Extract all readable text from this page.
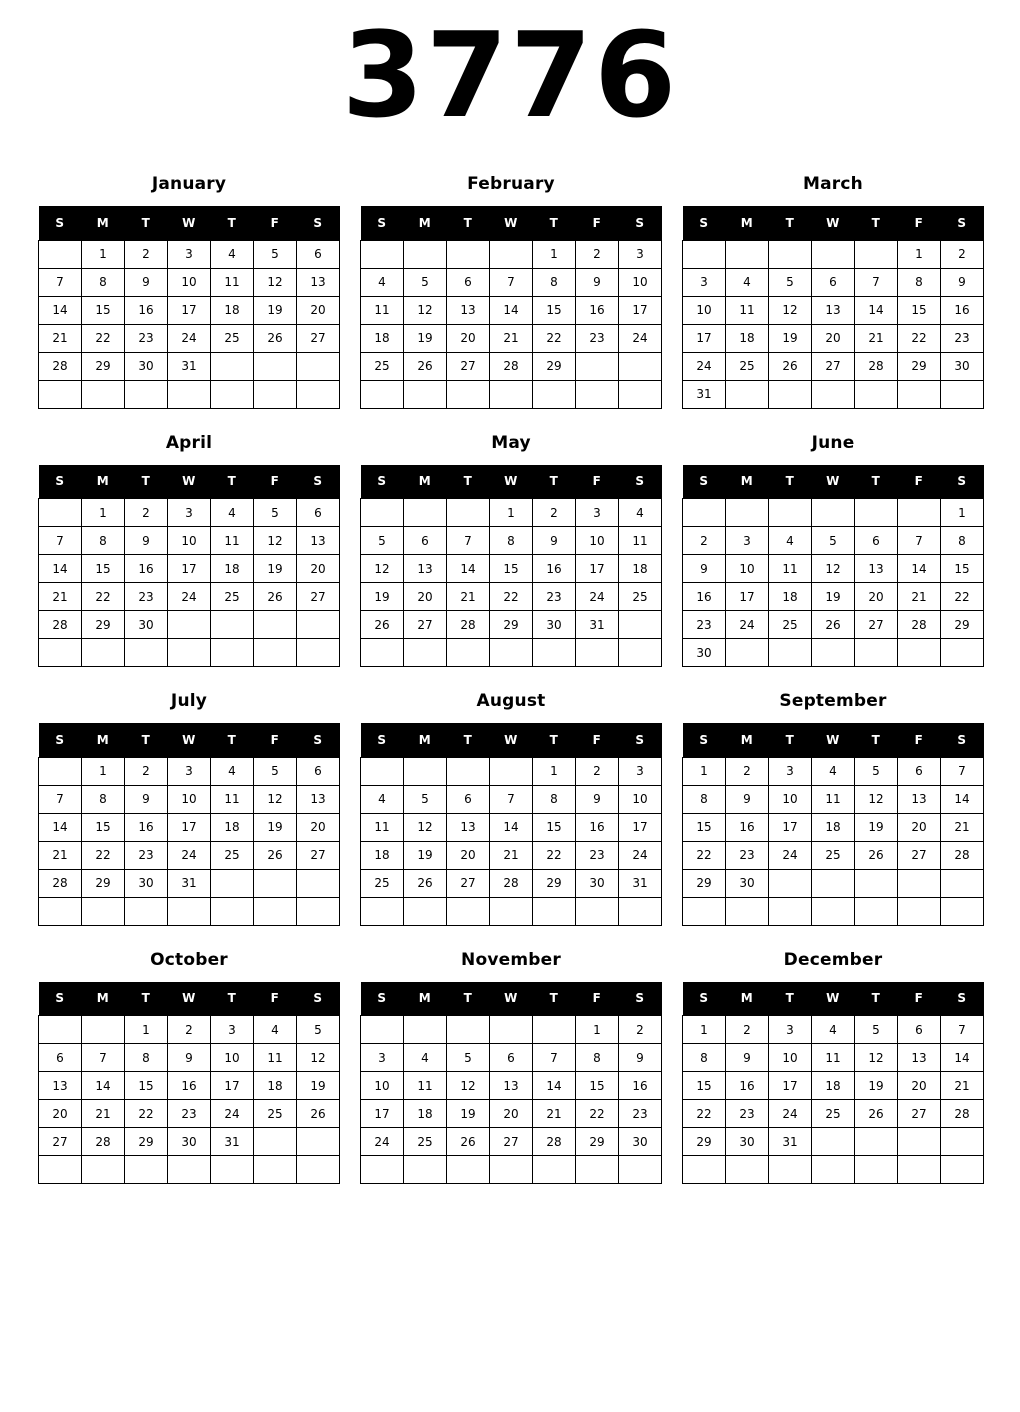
3776
January
S	M	T	W	T	F	S
	1	2	3	4	5	6
7	8	9	10	11	12	13
14	15	16	17	18	19	20
21	22	23	24	25	26	27
28	29	30	31			

February
S	M	T	W	T	F	S
				1	2	3
4	5	6	7	8	9	10
11	12	13	14	15	16	17
18	19	20	21	22	23	24
25	26	27	28	29		

March
S	M	T	W	T	F	S
					1	2
3	4	5	6	7	8	9
10	11	12	13	14	15	16
17	18	19	20	21	22	23
24	25	26	27	28	29	30
31						
April
S	M	T	W	T	F	S
	1	2	3	4	5	6
7	8	9	10	11	12	13
14	15	16	17	18	19	20
21	22	23	24	25	26	27
28	29	30				

May
S	M	T	W	T	F	S
			1	2	3	4
5	6	7	8	9	10	11
12	13	14	15	16	17	18
19	20	21	22	23	24	25
26	27	28	29	30	31	

June
S	M	T	W	T	F	S
						1
2	3	4	5	6	7	8
9	10	11	12	13	14	15
16	17	18	19	20	21	22
23	24	25	26	27	28	29
30						
July
S	M	T	W	T	F	S
	1	2	3	4	5	6
7	8	9	10	11	12	13
14	15	16	17	18	19	20
21	22	23	24	25	26	27
28	29	30	31			

August
S	M	T	W	T	F	S
				1	2	3
4	5	6	7	8	9	10
11	12	13	14	15	16	17
18	19	20	21	22	23	24
25	26	27	28	29	30	31

September
S	M	T	W	T	F	S
1	2	3	4	5	6	7
8	9	10	11	12	13	14
15	16	17	18	19	20	21
22	23	24	25	26	27	28
29	30					

October
S	M	T	W	T	F	S
		1	2	3	4	5
6	7	8	9	10	11	12
13	14	15	16	17	18	19
20	21	22	23	24	25	26
27	28	29	30	31		

November
S	M	T	W	T	F	S
					1	2
3	4	5	6	7	8	9
10	11	12	13	14	15	16
17	18	19	20	21	22	23
24	25	26	27	28	29	30

December
S	M	T	W	T	F	S
1	2	3	4	5	6	7
8	9	10	11	12	13	14
15	16	17	18	19	20	21
22	23	24	25	26	27	28
29	30	31				
